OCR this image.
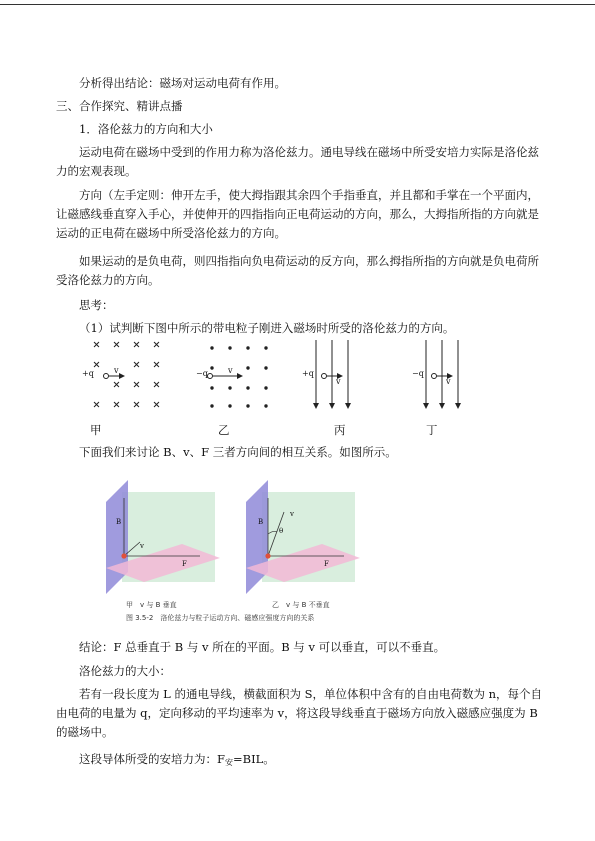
分析得出结论：磁场对运动电荷有作用。
三、合作探究、精讲点播
1．洛伦兹力的方向和大小
运动电荷在磁场中受到的作用力称为洛伦兹力。通电导线在磁场中所受安培力实际是洛伦兹力的宏观表现。
方向（左手定则：伸开左手，使大拇指跟其余四个手指垂直，并且都和手掌在一个平面内，让磁感线垂直穿入手心，并使伸开的四指指向正电荷运动的方向，那么，大拇指所指的方向就是运动的正电荷在磁场中所受洛伦兹力的方向。
如果运动的是负电荷，则四指指向负电荷运动的反方向，那么拇指所指的方向就是负电荷所受洛伦兹力的方向。
思考：
（1）试判断下图中所示的带电粒子刚进入磁场时所受的洛伦兹力的方向。
+q	v	−q	v	+q
v
−q
v
甲	乙	丙	丁
下面我们来讨论 B、v、F 三者方向间的相互关系。如图所示。
B
v
F
B
θ
v
F
甲　v 与 B 垂直	乙　v 与 B 不垂直
图 3.5-2　洛伦兹力与粒子运动方向、磁感应强度方向的关系
结论：F 总垂直于 B 与 v 所在的平面。B 与 v 可以垂直，可以不垂直。
洛伦兹力的大小：
若有一段长度为 L 的通电导线，横截面积为 S，单位体积中含有的自由电荷数为 n，每个自由电荷的电量为 q，定向移动的平均速率为 v，将这段导线垂直于磁场方向放入磁感应强度为 B 的磁场中。
这段导体所受的安培力为：$F_安=BIL$。
